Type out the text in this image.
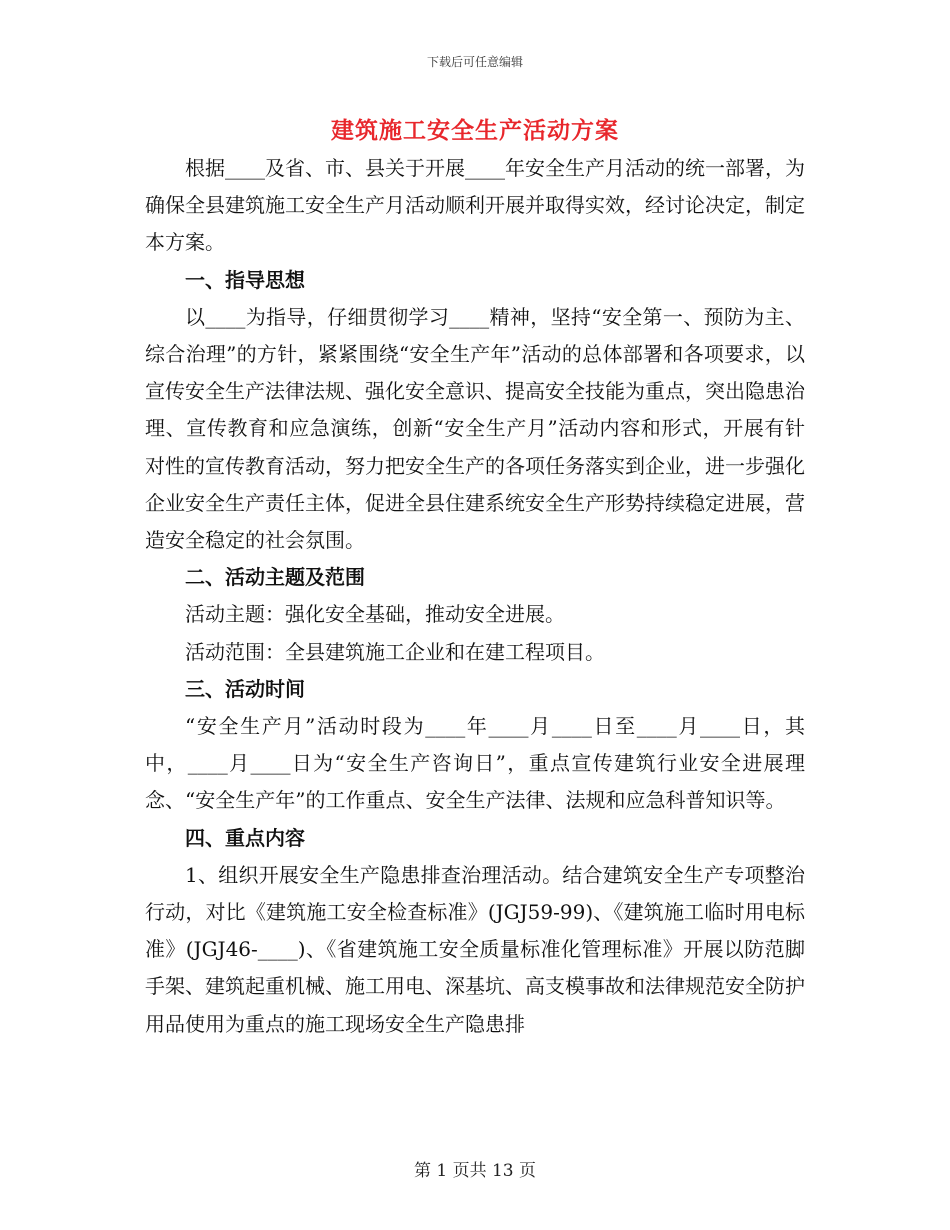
下载后可任意编辑
建筑施工安全生产活动方案

根据____及省、市、县关于开展____年安全生产月活动的统一部署，为确保全县建筑施工安全生产月活动顺利开展并取得实效，经讨论决定，制定本方案。

一、指导思想

以____为指导，仔细贯彻学习____精神，坚持“安全第一、预防为主、综合治理”的方针，紧紧围绕“安全生产年”活动的总体部署和各项要求，以宣传安全生产法律法规、强化安全意识、提高安全技能为重点，突出隐患治理、宣传教育和应急演练，创新“安全生产月”活动内容和形式，开展有针对性的宣传教育活动，努力把安全生产的各项任务落实到企业，进一步强化企业安全生产责任主体，促进全县住建系统安全生产形势持续稳定进展，营造安全稳定的社会氛围。

二、活动主题及范围

活动主题：强化安全基础，推动安全进展。

活动范围：全县建筑施工企业和在建工程项目。

三、活动时间

“安全生产月”活动时段为____年____月____日至____月____日，其中，____月____日为“安全生产咨询日”，重点宣传建筑行业安全进展理念、“安全生产年”的工作重点、安全生产法律、法规和应急科普知识等。

四、重点内容

1、组织开展安全生产隐患排查治理活动。结合建筑安全生产专项整治行动，对比《建筑施工安全检查标准》(JGJ59-99)、《建筑施工临时用电标准》(JGJ46-____)、《省建筑施工安全质量标准化管理标准》开展以防范脚手架、建筑起重机械、施工用电、深基坑、高支模事故和法律规范安全防护用品使用为重点的施工现场安全生产隐患排

第 1 页共 13 页
